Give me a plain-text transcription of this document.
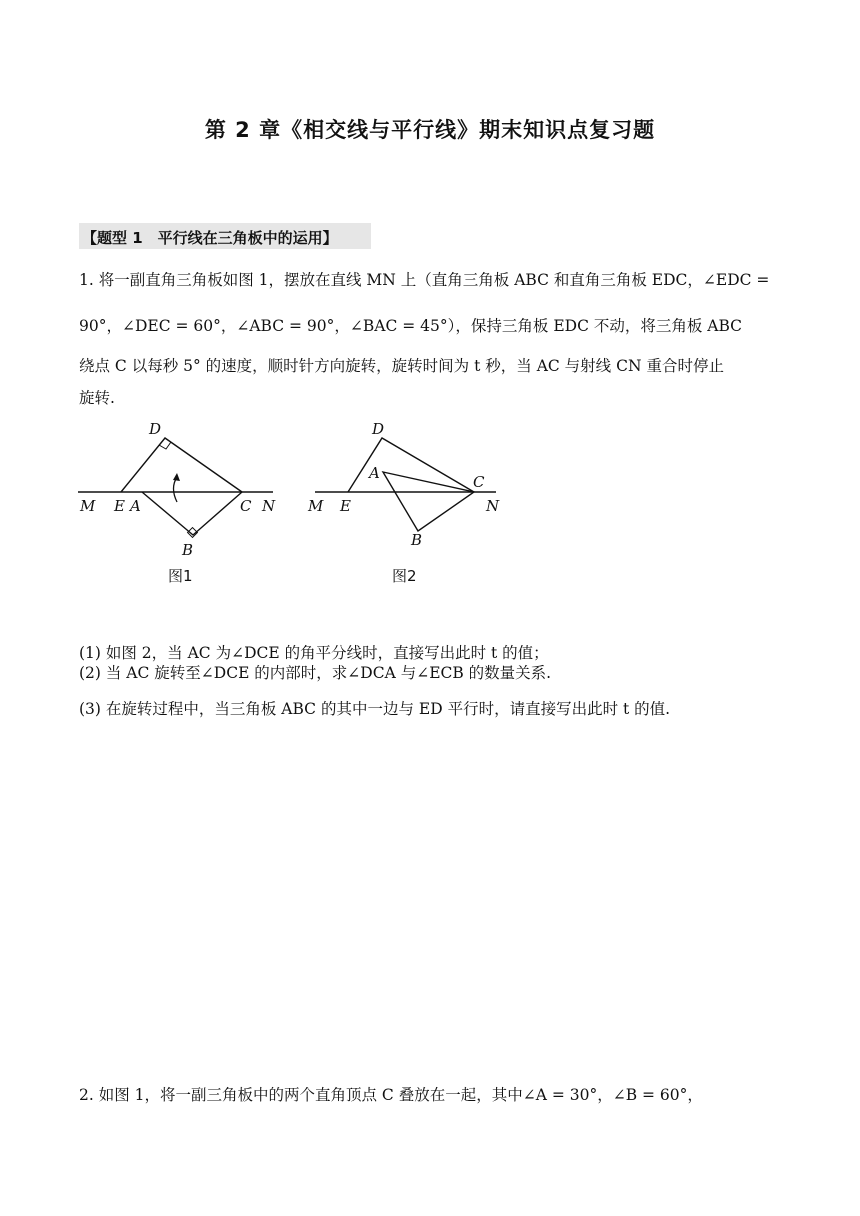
第 2 章《相交线与平行线》期末知识点复习题
【题型 1　平行线在三角板中的运用】
1. 将一副直角三角板如图 1，摆放在直线 MN 上（直角三角板 ABC 和直角三角板 EDC，∠EDC =
90°，∠DEC = 60°，∠ABC = 90°，∠BAC = 45°），保持三角板 EDC 不动，将三角板 ABC
绕点 C 以每秒 5° 的速度，顺时针方向旋转，旋转时间为 t 秒，当 AC 与射线 CN 重合时停止
旋转.
D
M E A	C N
B
图1
D
A	C
M E	N
B
图2
(1) 如图 2，当 AC 为∠DCE 的角平分线时，直接写出此时 t 的值；
(2) 当 AC 旋转至∠DCE 的内部时，求∠DCA 与∠ECB 的数量关系.
(3) 在旋转过程中，当三角板 ABC 的其中一边与 ED 平行时，请直接写出此时 t 的值.
2. 如图 1，将一副三角板中的两个直角顶点 C 叠放在一起，其中∠A = 30°，∠B = 60°，
